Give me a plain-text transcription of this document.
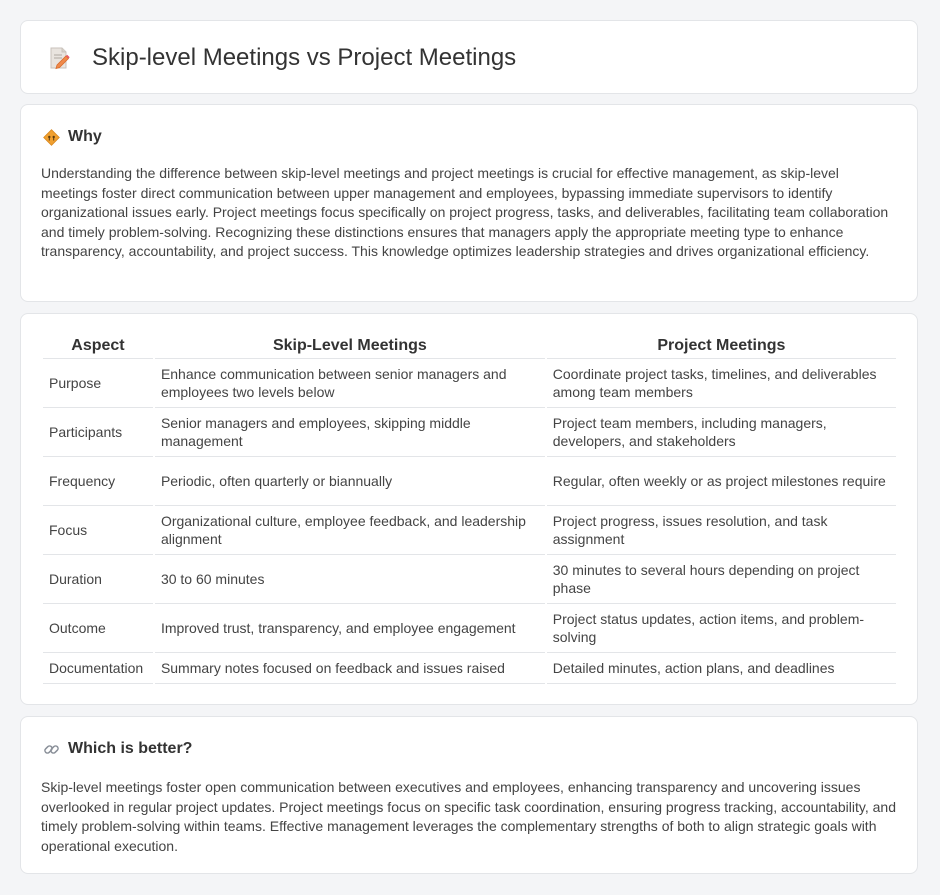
Skip-level Meetings vs Project Meetings
Why

Understanding the difference between skip-level meetings and project meetings is crucial for effective management, as skip-level meetings foster direct communication between upper management and employees, bypassing immediate supervisors to identify organizational issues early. Project meetings focus specifically on project progress, tasks, and deliverables, facilitating team collaboration and timely problem-solving. Recognizing these distinctions ensures that managers apply the appropriate meeting type to enhance transparency, accountability, and project success. This knowledge optimizes leadership strategies and drives organizational efficiency.

Aspect	Skip-Level Meetings	Project Meetings
Purpose	Enhance communication between senior managers and employees two levels below	Coordinate project tasks, timelines, and deliverables among team members
Participants	Senior managers and employees, skipping middle management	Project team members, including managers, developers, and stakeholders
Frequency	Periodic, often quarterly or biannually	Regular, often weekly or as project milestones require
Focus	Organizational culture, employee feedback, and leadership alignment	Project progress, issues resolution, and task assignment
Duration	30 to 60 minutes	30 minutes to several hours depending on project phase
Outcome	Improved trust, transparency, and employee engagement	Project status updates, action items, and problem-solving
Documentation	Summary notes focused on feedback and issues raised	Detailed minutes, action plans, and deadlines
Which is better?

Skip-level meetings foster open communication between executives and employees, enhancing transparency and uncovering issues overlooked in regular project updates. Project meetings focus on specific task coordination, ensuring progress tracking, accountability, and timely problem-solving within teams. Effective management leverages the complementary strengths of both to align strategic goals with operational execution.
